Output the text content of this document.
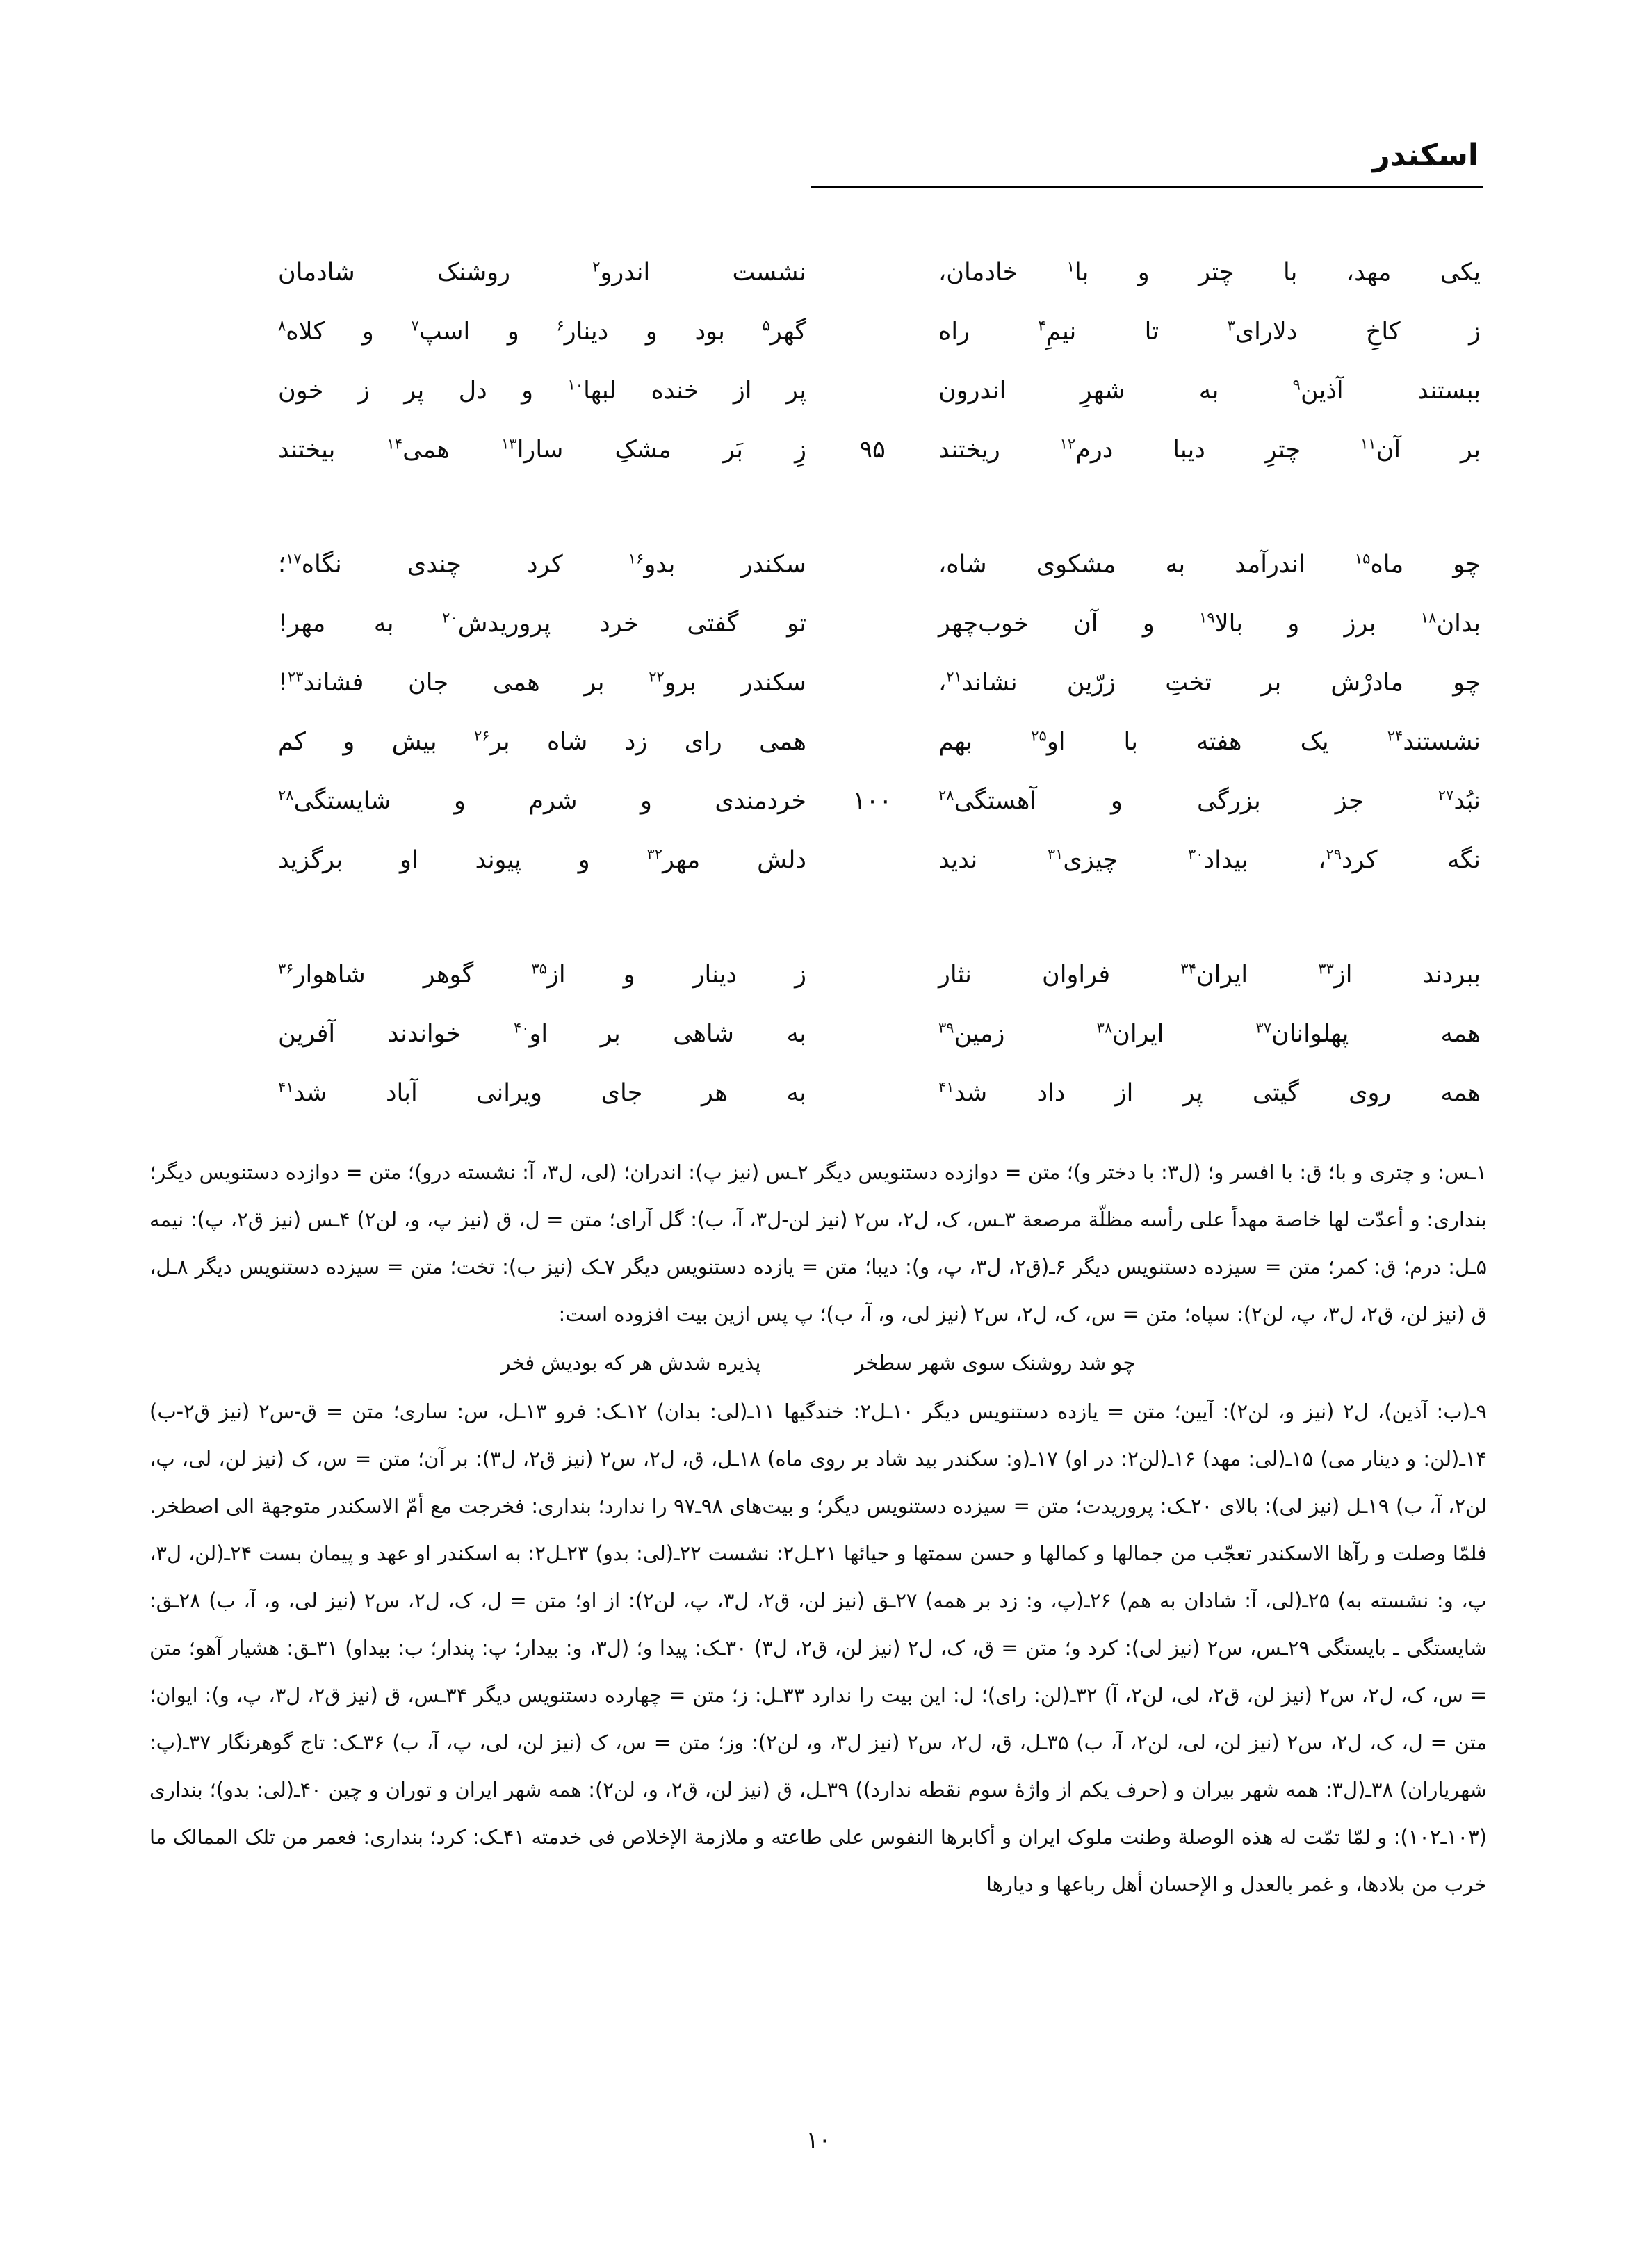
اسکندر
یکی مهد، با چتر و با$^۱$ خادمان،
نشست اندرو$^۲$ روشنک شادمان
ز کاخِ دلارای$^۳$ تا نیمِ$^۴$ راه
گهر$^۵$ بود و دینار$^۶$ و اسپ$^۷$ و کلاه$^۸$
ببستند آذین$^۹$ به شهرِ اندرون
پر از خنده لبها$^{۱۰}$ و دل پر ز خون
بر آن$^{۱۱}$ چترِ دیبا درم$^{۱۲}$ ریختند
۹۵
زِ بَر مشکِ سارا$^{۱۳}$ همی$^{۱۴}$ بیختند
چو ماه$^{۱۵}$ اندرآمد به مشکوی شاه،
سکندر بدو$^{۱۶}$ کرد چندی نگاه$^{۱۷}$؛
بدان$^{۱۸}$ برز و بالا$^{۱۹}$ و آن خوب‌چهر
تو گفتی خرد پروریدش$^{۲۰}$ به مهر!
چو مادرْش بر تختِ زرّین نشاند$^{۲۱}$،
سکندر برو$^{۲۲}$ بر همی جان فشاند$^{۲۳}$!
نشستند$^{۲۴}$ یک هفته با او$^{۲۵}$ بهم
همی رای زد شاه بر$^{۲۶}$ بیش و کم
نبُد$^{۲۷}$ جز بزرگی و آهستگی$^{۲۸}$
۱۰۰
خردمندی و شرم و شایستگی$^{۲۸}$
نگه کرد$^{۲۹}$، بیداد$^{۳۰}$ چیزی$^{۳۱}$ ندید
دلش مهر$^{۳۲}$ و پیوند او برگزید
ببردند از$^{۳۳}$ ایران$^{۳۴}$ فراوان نثار
ز دینار و از$^{۳۵}$ گوهر شاهوار$^{۳۶}$
همه پهلوانان$^{۳۷}$ ایران$^{۳۸}$ زمین$^{۳۹}$
به شاهی بر او$^{۴۰}$ خواندند آفرین
همه روی گیتی پر از داد شد$^{۴۱}$
به هر جای ویرانی آباد شد$^{۴۱}$

۱ـس: و چتری و با؛ ق: با افسر و؛ (ل۳: با دختر و)؛ متن = دوازده دستنویس دیگر ۲ـس (نیز پ): اندران؛ (لی، ل۳، آ: نشسته درو)؛ متن = دوازده دستنویس دیگر؛ بنداری: و أعدّت لها خاصة مهداً علی رأسه مظلّة مرصعة ۳ـس، ک، ل۲، س۲ (نیز لن-ل۳، آ، ب): گل آرای؛ متن = ل، ق (نیز پ، و، لن۲) ۴ـس (نیز ق۲، پ): نیمه ۵ـل: درم؛ ق: کمر؛ متن = سیزده دستنویس دیگر ۶ـ(ق۲، ل۳، پ، و): دیبا؛ متن = یازده دستنویس دیگر ۷ـک (نیز ب): تخت؛ متن = سیزده دستنویس دیگر ۸ـل، ق (نیز لن، ق۲، ل۳، پ، لن۲): سپاه؛ متن = س، ک، ل۲، س۲ (نیز لی، و، آ، ب)؛ پ پس ازین بیت افزوده است:

چو شد روشنک سوی شهر سطخر
پذیره شدش هر که بودیش فخر

۹ـ(ب: آذین)، ل۲ (نیز و، لن۲): آیین؛ متن = یازده دستنویس دیگر ۱۰ـل۲: خندگیها ۱۱ـ(لی: بدان) ۱۲ـک: فرو ۱۳ـل، س: ساری؛ متن = ق-س۲ (نیز ق۲-ب) ۱۴ـ(لن: و دینار می) ۱۵ـ(لی: مهد) ۱۶ـ(لن۲: در او) ۱۷ـ(و: سکندر بید شاد بر روی ماه) ۱۸ـل، ق، ل۲، س۲ (نیز ق۲، ل۳): بر آن؛ متن = س، ک (نیز لن، لی، پ، لن۲، آ، ب) ۱۹ـل (نیز لی): بالای ۲۰ـک: پروریدت؛ متن = سیزده دستنویس دیگر؛ و بیت‌های ۹۸ـ۹۷ را ندارد؛ بنداری: فخرجت مع أمّ الاسکندر متوجهة الی اصطخر. فلمّا وصلت و رآها الاسکندر تعجّب من جمالها و کمالها و حسن سمتها و حیائها ۲۱ـل۲: نشست ۲۲ـ(لی: بدو) ۲۳ـل۲: به اسکندر او عهد و پیمان بست ۲۴ـ(لن، ل۳، پ، و: نشسته به) ۲۵ـ(لی، آ: شادان به هم) ۲۶ـ(پ، و: زد بر همه) ۲۷ـق (نیز لن، ق۲، ل۳، پ، لن۲): از او؛ متن = ل، ک، ل۲، س۲ (نیز لی، و، آ، ب) ۲۸ـق: شایستگی ـ بایستگی ۲۹ـس، س۲ (نیز لی): کرد و؛ متن = ق، ک، ل۲ (نیز لن، ق۲، ل۳) ۳۰ـک: پیدا و؛ (ل۳، و: بیدار؛ پ: پندار؛ ب: بیداو) ۳۱ـق: هشیار آهو؛ متن = س، ک، ل۲، س۲ (نیز لن، ق۲، لی، لن۲، آ) ۳۲ـ(لن: رای)؛ ل: این بیت را ندارد ۳۳ـل: ز؛ متن = چهارده دستنویس دیگر ۳۴ـس، ق (نیز ق۲، ل۳، پ، و): ایوان؛ متن = ل، ک، ل۲، س۲ (نیز لن، لی، لن۲، آ، ب) ۳۵ـل، ق، ل۲، س۲ (نیز ل۳، و، لن۲): وز؛ متن = س، ک (نیز لن، لی، پ، آ، ب) ۳۶ـک: تاج گوهرنگار ۳۷ـ(پ: شهریاران) ۳۸ـ(ل۳: همه شهر بیران و (حرف یکم از واژهٔ سوم نقطه ندارد)) ۳۹ـل، ق (نیز لن، ق۲، و، لن۲): همه شهر ایران و توران و چین ۴۰ـ(لی: بدو)؛ بنداری (۱۰۳ـ۱۰۲): و لمّا تمّت له هذه الوصلة وطنت ملوک ایران و أکابرها النفوس علی طاعته و ملازمة الإخلاص فی خدمته ۴۱ـک: کرد؛ بنداری: فعمر من تلک الممالک ما خرب من بلادها، و غمر بالعدل و الإحسان أهل رباعها و دیارها

۱۰
